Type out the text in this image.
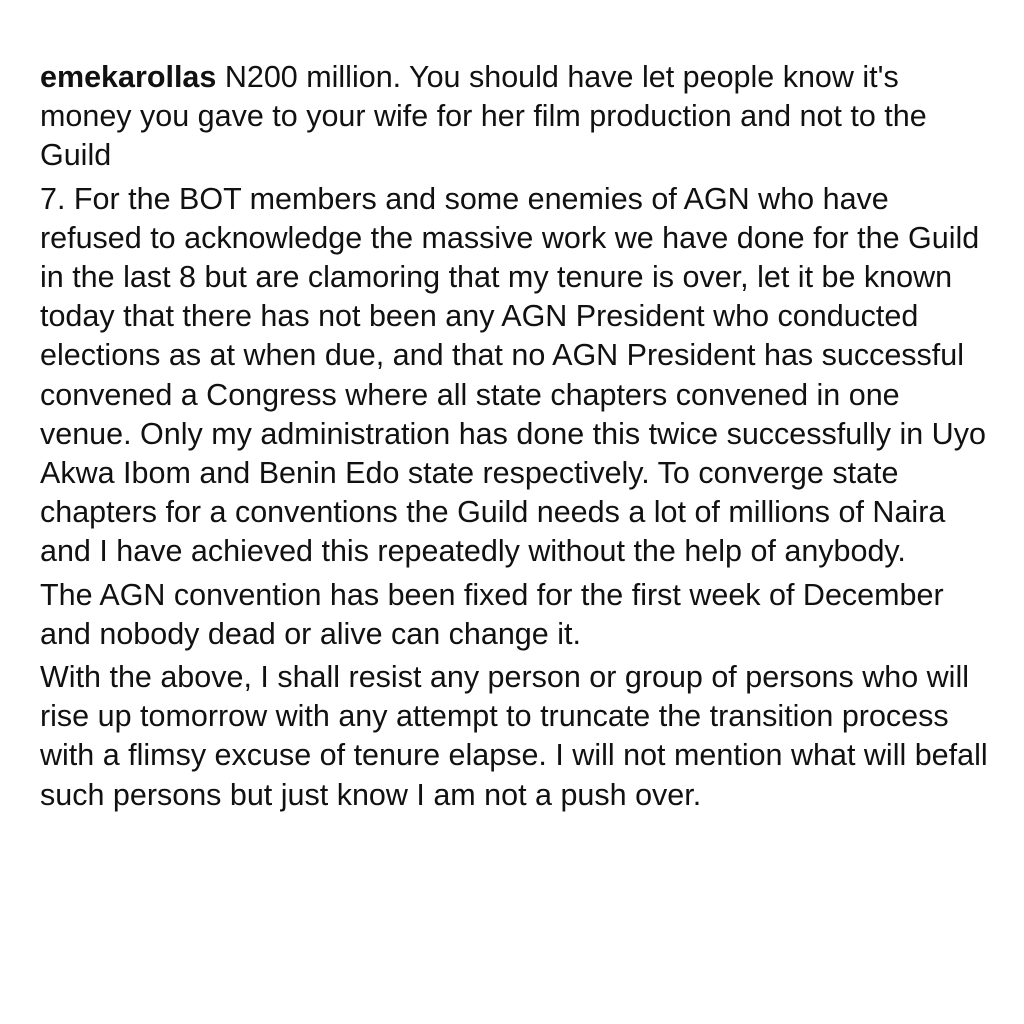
emekarollas N200 million. You should have let people know it's money you gave to your wife for her film production and not to the Guild

7. For the BOT members and some enemies of AGN who have refused to acknowledge the massive work we have done for the Guild in the last 8 but are clamoring that my tenure is over, let it be known today that there has not been any AGN President who conducted elections as at when due, and that no AGN President has successful convened a Congress where all state chapters convened in one venue. Only my administration has done this twice successfully in Uyo Akwa Ibom and Benin Edo state respectively. To converge state chapters for a conventions the Guild needs a lot of millions of Naira and I have achieved this repeatedly without the help of anybody.

The AGN convention has been fixed for the first week of December and nobody dead or alive can change it.

With the above, I shall resist any person or group of persons who will rise up tomorrow with any attempt to truncate the transition process with a flimsy excuse of tenure elapse. I will not mention what will befall such persons but just know I am not a push over.
